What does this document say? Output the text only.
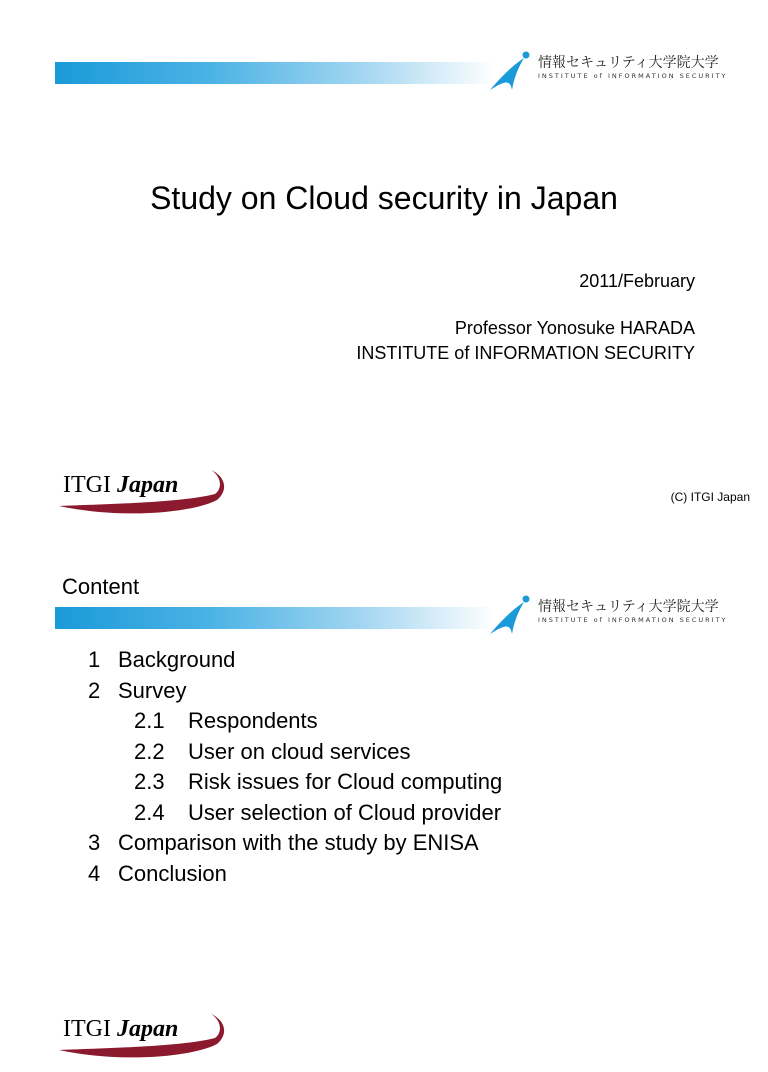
情報セキュリティ大学院大学
INSTITUTE of INFORMATION SECURITY
Study on Cloud security in Japan
2011/February
Professor Yonosuke HARADA
INSTITUTE of INFORMATION SECURITY
ITGI Japan	(C) ITGI Japan
Content
情報セキュリティ大学院大学
INSTITUTE of INFORMATION SECURITY
1 Background
2 Survey
2.1 Respondents
2.2 User on cloud services
2.3 Risk issues for Cloud computing
2.4 User selection of Cloud provider
3 Comparison with the study by ENISA
4 Conclusion
ITGI Japan
